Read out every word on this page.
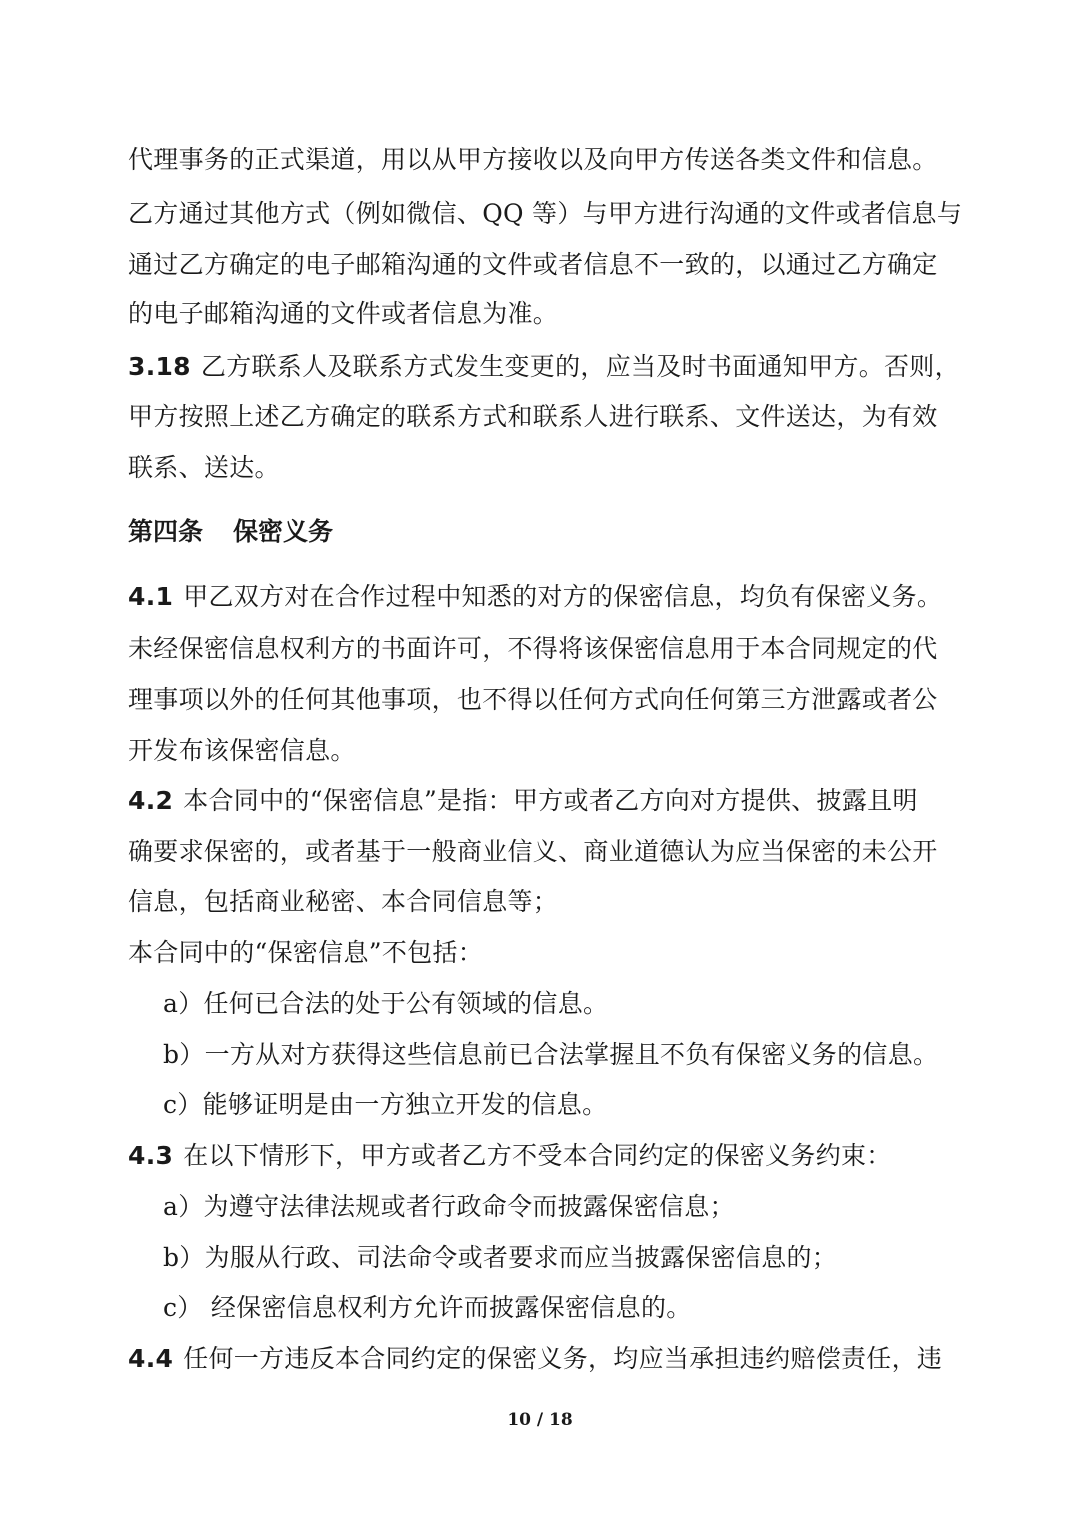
代理事务的正式渠道，用以从甲方接收以及向甲方传送各类文件和信息。
乙方通过其他方式（例如微信、QQ 等）与甲方进行沟通的文件或者信息与
通过乙方确定的电子邮箱沟通的文件或者信息不一致的，以通过乙方确定
的电子邮箱沟通的文件或者信息为准。
3.18 乙方联系人及联系方式发生变更的，应当及时书面通知甲方。否则，
甲方按照上述乙方确定的联系方式和联系人进行联系、文件送达，为有效
联系、送达。
第四条 保密义务
4.1 甲乙双方对在合作过程中知悉的对方的保密信息，均负有保密义务。
未经保密信息权利方的书面许可，不得将该保密信息用于本合同规定的代
理事项以外的任何其他事项，也不得以任何方式向任何第三方泄露或者公
开发布该保密信息。
4.2 本合同中的“保密信息”是指：甲方或者乙方向对方提供、披露且明
确要求保密的，或者基于一般商业信义、商业道德认为应当保密的未公开
信息，包括商业秘密、本合同信息等；
本合同中的“保密信息”不包括：
a）任何已合法的处于公有领域的信息。
b）一方从对方获得这些信息前已合法掌握且不负有保密义务的信息。
c）能够证明是由一方独立开发的信息。
4.3 在以下情形下，甲方或者乙方不受本合同约定的保密义务约束：
a）为遵守法律法规或者行政命令而披露保密信息；
b）为服从行政、司法命令或者要求而应当披露保密信息的；
c） 经保密信息权利方允许而披露保密信息的。
4.4 任何一方违反本合同约定的保密义务，均应当承担违约赔偿责任，违
10 / 18
